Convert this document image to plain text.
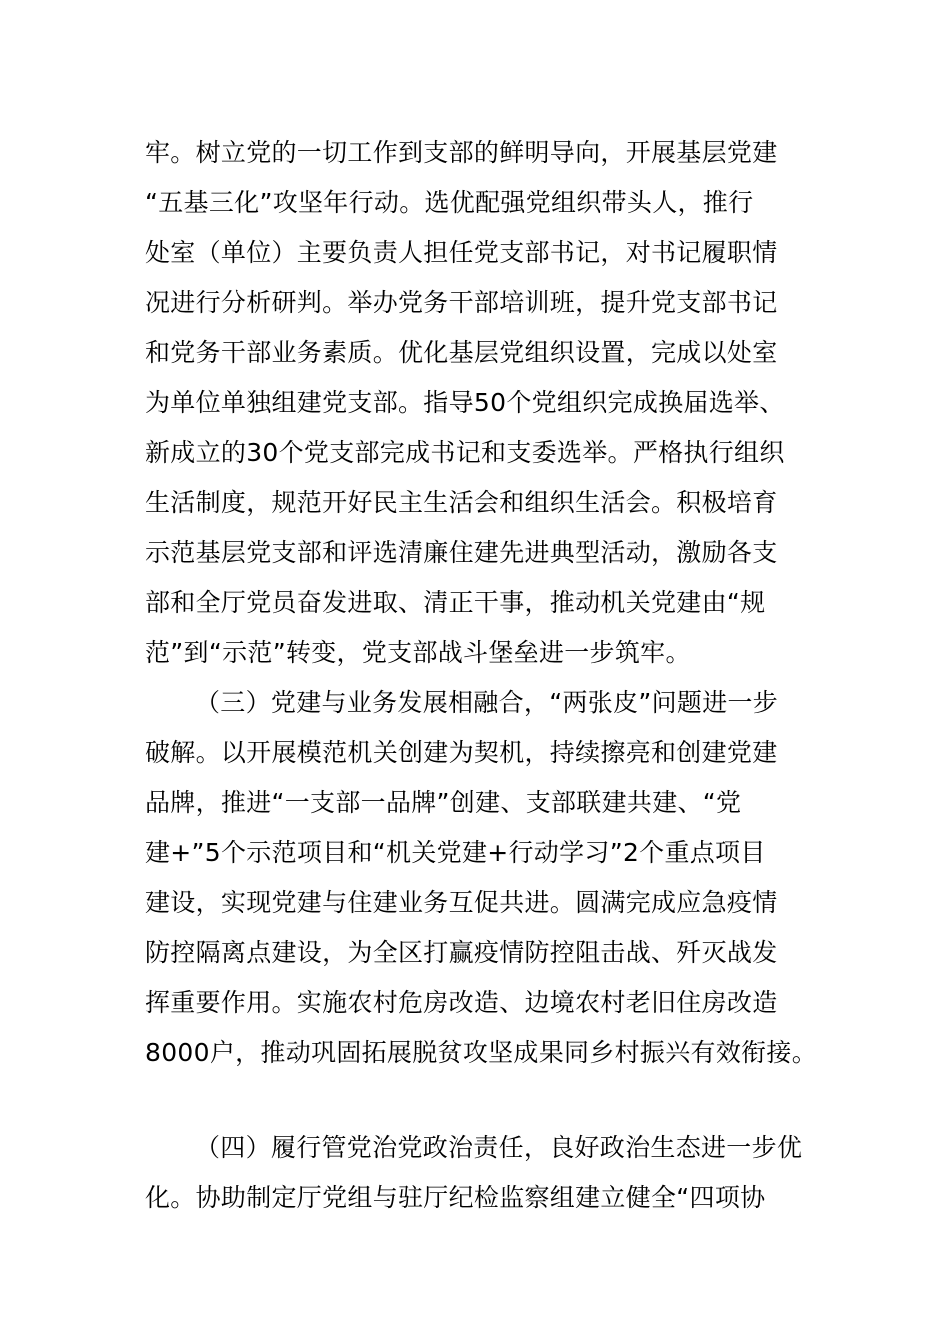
牢。树立党的一切工作到支部的鲜明导向，开展基层党建
“五基三化”攻坚年行动。选优配强党组织带头人，推行
处室（单位）主要负责人担任党支部书记，对书记履职情
况进行分析研判。举办党务干部培训班，提升党支部书记
和党务干部业务素质。优化基层党组织设置，完成以处室
为单位单独组建党支部。指导50个党组织完成换届选举、
新成立的30个党支部完成书记和支委选举。严格执行组织
生活制度，规范开好民主生活会和组织生活会。积极培育
示范基层党支部和评选清廉住建先进典型活动，激励各支
部和全厅党员奋发进取、清正干事，推动机关党建由“规
范”到“示范”转变，党支部战斗堡垒进一步筑牢。
（三）党建与业务发展相融合，“两张皮”问题进一步
破解。以开展模范机关创建为契机，持续擦亮和创建党建
品牌，推进“一支部一品牌”创建、支部联建共建、“党
建+”5个示范项目和“机关党建+行动学习”2个重点项目
建设，实现党建与住建业务互促共进。圆满完成应急疫情
防控隔离点建设，为全区打赢疫情防控阻击战、歼灭战发
挥重要作用。实施农村危房改造、边境农村老旧住房改造
8000户，推动巩固拓展脱贫攻坚成果同乡村振兴有效衔接。
（四）履行管党治党政治责任，良好政治生态进一步优
化。协助制定厅党组与驻厅纪检监察组建立健全“四项协
